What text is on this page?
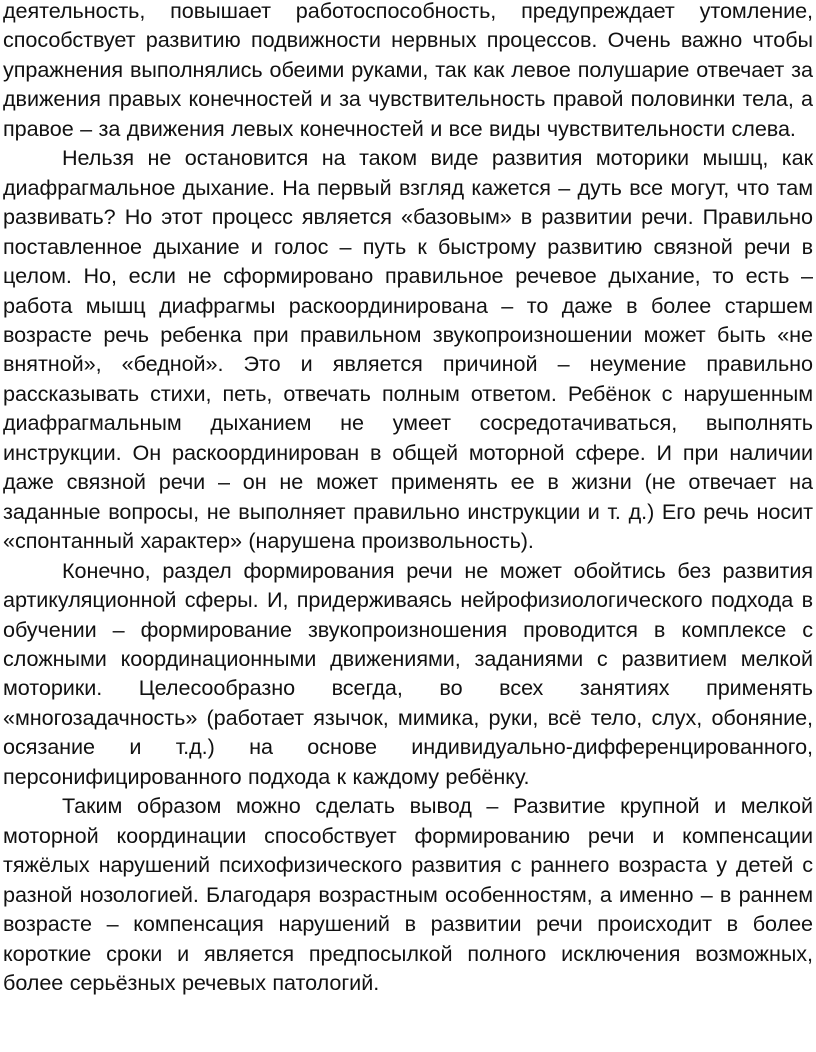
деятельность, повышает работоспособность, предупреждает утомление, способствует развитию подвижности нервных процессов. Очень важно чтобы упражнения выполнялись обеими руками, так как левое полушарие отвечает за движения правых конечностей и за чувствительность правой половинки тела, а правое – за движения левых конечностей и все виды чувствительности слева.

Нельзя не остановится на таком виде развития моторики мышц, как диафрагмальное дыхание. На первый взгляд кажется – дуть все могут, что там развивать? Но этот процесс является «базовым» в развитии речи. Правильно поставленное дыхание и голос – путь к быстрому развитию связной речи в целом. Но, если не сформировано правильное речевое дыхание, то есть – работа мышц диафрагмы раскоординирована – то даже в более старшем возрасте речь ребенка при правильном звукопроизношении может быть «не внятной», «бедной». Это и является причиной – неумение правильно рассказывать стихи, петь, отвечать полным ответом. Ребёнок с нарушенным диафрагмальным дыханием не умеет сосредотачиваться, выполнять инструкции. Он раскоординирован в общей моторной сфере. И при наличии даже связной речи – он не может применять ее в жизни (не отвечает на заданные вопросы, не выполняет правильно инструкции и т. д.) Его речь носит «спонтанный характер» (нарушена произвольность).

Конечно, раздел формирования речи не может обойтись без развития артикуляционной сферы. И, придерживаясь нейрофизиологического подхода в обучении – формирование звукопроизношения проводится в комплексе с сложными координационными движениями, заданиями с развитием мелкой моторики. Целесообразно всегда, во всех занятиях применять «многозадачность» (работает язычок, мимика, руки, всё тело, слух, обоняние, осязание и т.д.) на основе индивидуально-дифференцированного, персонифицированного подхода к каждому ребёнку.

Таким образом можно сделать вывод – Развитие крупной и мелкой моторной координации способствует формированию речи и компенсации тяжёлых нарушений психофизического развития с раннего возраста у детей с разной нозологией. Благодаря возрастным особенностям, а именно – в раннем возрасте – компенсация нарушений в развитии речи происходит в более короткие сроки и является предпосылкой полного исключения возможных, более серьёзных речевых патологий.
